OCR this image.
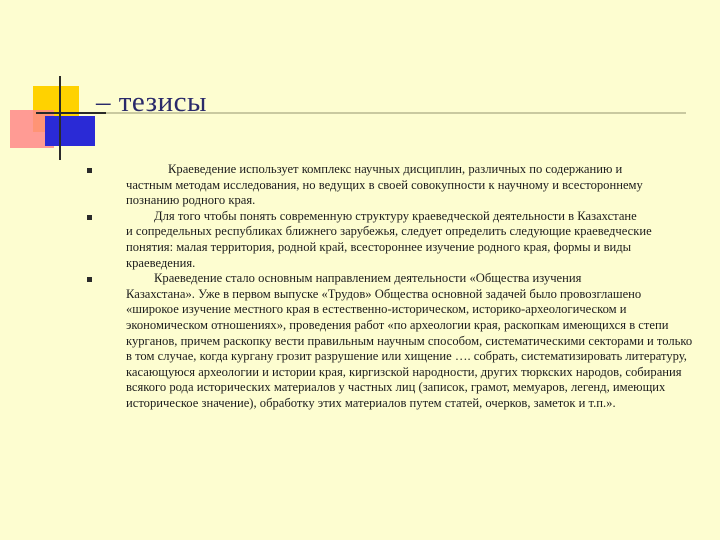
– тезисы
Краеведение использует комплекс научных дисциплин, различных по содержанию и
частным методам исследования, но ведущих в своей совокупности к научному и всестороннему познанию родного края.
Для того чтобы понять современную структуру краеведческой деятельности в Казахстане
и сопредельных республиках ближнего зарубежья, следует определить следующие краеведческие понятия: малая территория, родной край, всестороннее изучение родного края, формы и виды краеведения.
Краеведение стало основным направлением деятельности «Общества изучения
Казахстана». Уже в первом выпуске «Трудов» Общества основной задачей было провозглашено «широкое изучение местного края в естественно-историческом, историко-археологическом и экономическом отношениях», проведения работ «по археологии края, раскопкам имеющихся в степи курганов, причем раскопку вести правильным научным способом, систематическими секторами и только в том случае, когда кургану грозит разрушение или хищение …. собрать, систематизировать литературу, касающуюся археологии и истории края, киргизской народности, других тюркских народов, собирания всякого рода исторических материалов у частных лиц (записок, грамот, мемуаров, легенд, имеющих историческое значение), обработку этих материалов путем статей, очерков, заметок и т.п.».
